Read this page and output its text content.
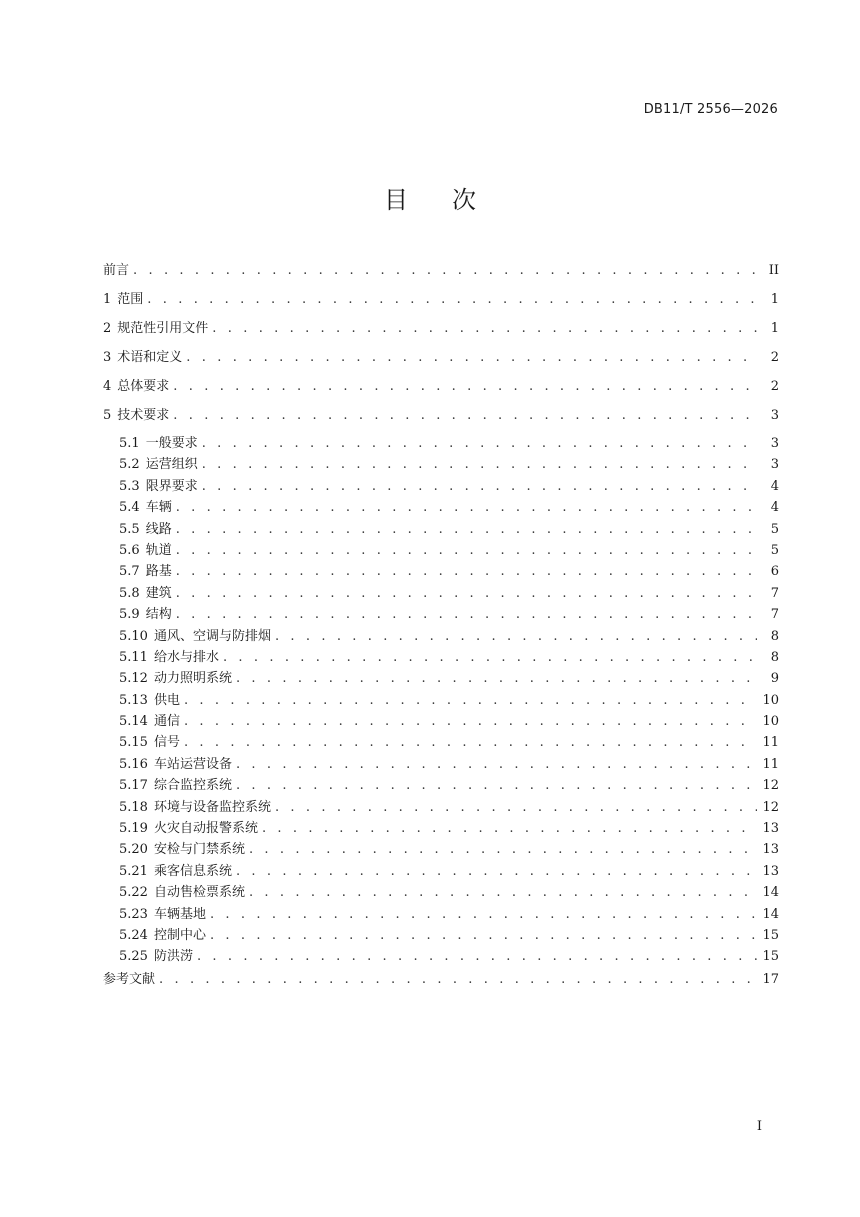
DB11/T 2556—2026
目次
前言 . . .	II
1 范围 . . .	1
2 规范性引用文件 . . .	1
3 术语和定义 . . .	2
4 总体要求 . . .	2
5 技术要求 . . .	3
5.1 一般要求 . . .	3
5.2 运营组织 . . .	3
5.3 限界要求 . . .	4
5.4 车辆 . . .	4
5.5 线路 . . .	5
5.6 轨道 . . .	5
5.7 路基 . . .	6
5.8 建筑 . . .	7
5.9 结构 . . .	7
5.10 通风、空调与防排烟 . . .	8
5.11 给水与排水 . . .	8
5.12 动力照明系统 . . .	9
5.13 供电 . . .	10
5.14 通信 . . .	10
5.15 信号 . . .	11
5.16 车站运营设备 . . .	11
5.17 综合监控系统 . . .	12
5.18 环境与设备监控系统 . . .	12
5.19 火灾自动报警系统 . . .	13
5.20 安检与门禁系统 . . .	13
5.21 乘客信息系统 . . .	13
5.22 自动售检票系统 . . .	14
5.23 车辆基地 . . .	14
5.24 控制中心 . . .	15
5.25 防洪涝 . . .	15
参考文献 . . .	17
I
